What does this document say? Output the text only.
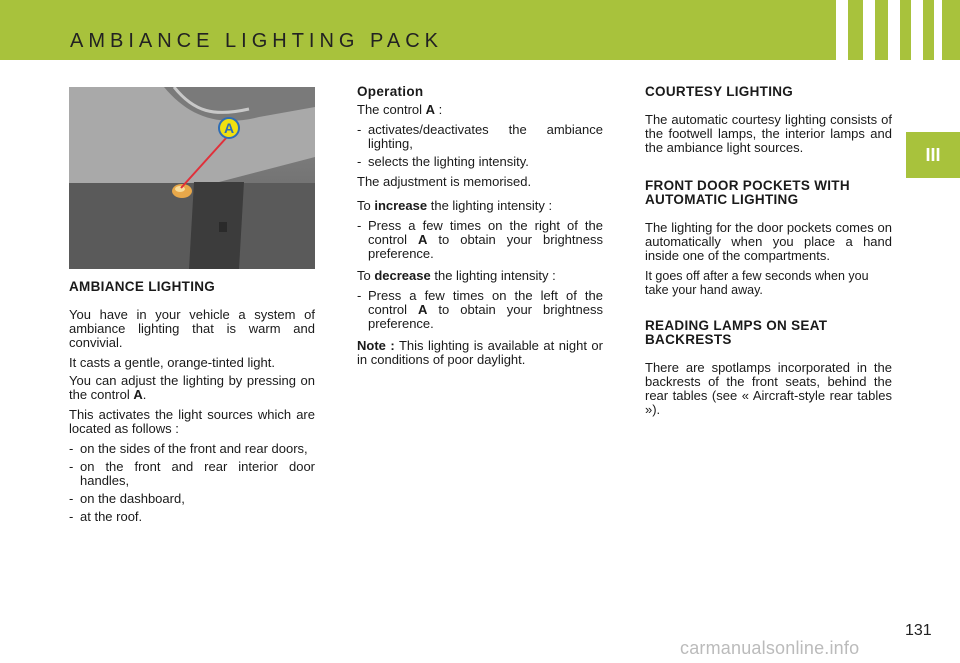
AMBIANCE LIGHTING PACK
III
A
AMBIANCE LIGHTING

You have in your vehicle a system of ambiance lighting that is warm and convivial.

It casts a gentle, orange-tinted light.

You can adjust the lighting by pressing on the control A.

This activates the light sources which are located as follows :

- on the sides of the front and rear doors,
- on the front and rear interior door handles,
- on the dashboard,
- at the roof.
Operation

The control A :

- activates/deactivates the ambiance lighting,
- selects the lighting intensity.

The adjustment is memorised.

To increase the lighting intensity :

- Press a few times on the right of the control A to obtain your brightness preference.

To decrease the lighting intensity :

- Press a few times on the left of the control A to obtain your brightness preference.

Note : This lighting is available at night or in conditions of poor daylight.

COURTESY LIGHTING

The automatic courtesy lighting consists of the footwell lamps, the interior lamps and the ambiance light sources.

FRONT DOOR POCKETS WITH AUTOMATIC LIGHTING

The lighting for the door pockets comes on automatically when you place a hand inside one of the compartments.

It goes off after a few seconds when you take your hand away.

READING LAMPS ON SEAT BACKRESTS

There are spotlamps incorporated in the backrests of the front seats, behind the rear tables (see « Aircraft-style rear tables »).

131
carmanualsonline.info
